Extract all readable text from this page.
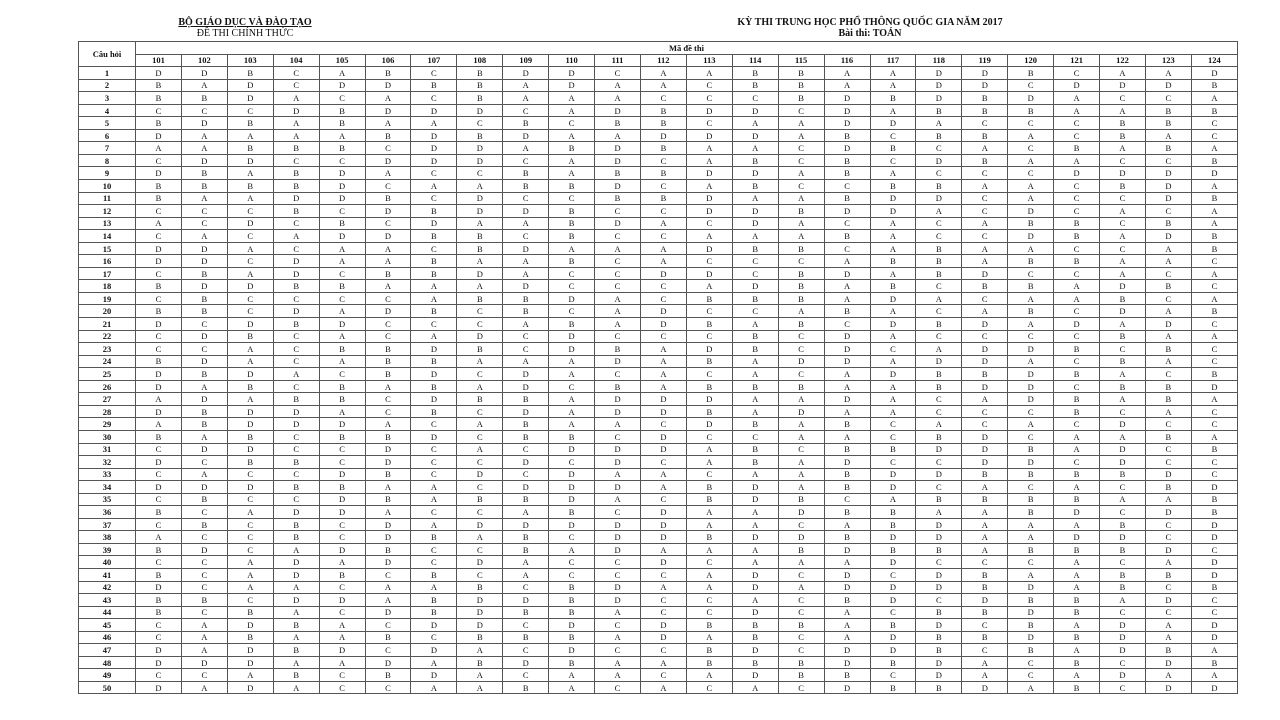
BỘ GIÁO DỤC VÀ ĐÀO TẠO
ĐỀ THI CHÍNH THỨC
KỲ THI TRUNG HỌC PHỔ THÔNG QUỐC GIA NĂM 2017
Bài thi: TOÁN
Câu hỏi	Mã đề thi																							
	101	102	103	104	105	106	107	108	109	110	111	112	113	114	115	116	117	118	119	120	121	122	123	124
1	D	D	B	C	A	B	C	B	D	D	C	A	A	B	B	A	A	D	D	B	C	A	A	D
2	B	A	D	C	D	D	B	B	A	D	A	A	C	B	B	A	A	D	D	C	D	D	D	B
3	B	B	D	A	C	A	C	B	A	A	A	C	C	C	B	D	B	D	B	D	A	C	C	A
4	C	C	C	D	B	D	D	D	C	A	D	B	D	D	C	D	A	B	B	B	A	A	B	B
5	B	D	B	A	B	A	A	C	B	C	B	B	C	A	A	D	D	A	C	C	C	B	B	C
6	D	A	A	A	A	B	D	B	D	A	A	D	D	D	A	B	C	B	B	A	C	B	A	C
7	A	A	B	B	B	C	D	D	A	B	D	B	A	A	C	D	B	C	A	C	B	A	B	A
8	C	D	D	C	C	D	D	D	C	A	D	C	A	B	C	B	C	D	B	A	A	C	C	B
9	D	B	A	B	D	A	C	C	B	A	B	B	D	D	A	B	A	C	C	C	D	D	D	D
10	B	B	B	B	D	C	A	A	B	B	D	C	A	B	C	C	B	B	A	A	C	B	D	A
11	B	A	A	D	D	B	C	D	C	C	B	B	D	A	A	B	D	D	C	A	C	C	D	B
12	C	C	C	B	C	D	B	D	D	B	C	C	D	D	B	D	D	A	C	D	C	A	C	A
13	A	C	D	C	B	C	D	A	A	B	D	A	C	D	A	C	A	C	A	B	B	C	B	A
14	C	A	C	A	D	D	B	B	C	B	C	C	A	A	A	B	A	C	C	D	B	A	D	B
15	D	D	A	C	A	A	C	B	D	A	A	A	D	B	B	C	A	B	A	A	C	C	A	B
16	D	D	C	D	A	A	B	A	A	B	C	A	C	C	C	A	B	B	A	B	B	A	A	C
17	C	B	A	D	C	B	B	D	A	C	C	D	D	C	B	D	A	B	D	C	C	A	C	A
18	B	D	D	B	B	A	A	A	D	C	C	C	A	D	B	A	B	C	B	B	A	D	B	C
19	C	B	C	C	C	C	A	B	B	D	A	C	B	B	B	A	D	A	C	A	A	B	C	A
20	B	B	C	D	A	D	B	C	B	C	A	D	C	C	A	B	A	C	A	B	C	D	A	B
21	D	C	D	B	D	C	C	C	A	B	A	D	B	A	B	C	D	B	D	A	D	A	D	C
22	C	D	B	C	A	C	A	D	C	D	C	C	C	B	C	D	A	C	C	C	C	B	A	A
23	C	C	A	C	B	B	D	B	C	D	B	A	D	B	C	D	C	A	D	D	B	C	B	C
24	B	D	A	C	A	B	B	A	A	A	D	A	B	A	D	D	A	D	D	A	C	B	A	C
25	D	B	D	A	C	B	D	C	D	A	C	A	C	A	C	A	D	B	B	D	B	A	C	B
26	D	A	B	C	B	A	B	A	D	C	B	A	B	B	B	A	A	B	D	D	C	B	B	D
27	A	D	A	B	B	C	D	B	B	A	D	D	D	A	A	D	A	C	A	D	B	A	B	A
28	D	B	D	D	A	C	B	C	D	A	D	D	B	A	D	A	A	C	C	C	B	C	A	C
29	A	B	D	D	D	A	C	A	B	A	A	C	D	B	A	B	C	A	C	A	C	D	C	C
30	B	A	B	C	B	B	D	C	B	B	C	D	C	C	A	A	C	B	D	C	A	A	B	A
31	C	D	D	C	C	D	C	A	C	D	D	D	A	B	C	B	B	D	D	B	A	D	C	B
32	D	C	B	B	C	D	C	C	D	C	D	C	A	B	A	D	C	C	D	D	C	D	C	C
33	C	A	C	C	D	B	C	D	C	D	A	A	C	A	A	B	D	D	B	B	B	B	D	C
34	D	D	D	B	B	A	A	C	D	D	D	A	B	D	A	B	D	C	A	C	A	C	B	D
35	C	B	C	C	D	B	A	B	B	D	A	C	B	D	B	C	A	B	B	B	B	A	A	B
36	B	C	A	D	D	A	C	C	A	B	C	D	A	A	D	B	B	A	A	B	D	C	D	B
37	C	B	C	B	C	D	A	D	D	D	D	D	A	A	C	A	B	D	A	A	A	B	C	D
38	A	C	C	B	C	D	B	A	B	C	D	D	B	D	D	B	D	D	A	A	D	D	C	D
39	B	D	C	A	D	B	C	C	B	A	D	A	A	A	B	D	B	B	A	B	B	B	D	C
40	C	C	A	D	A	D	C	D	A	C	C	D	C	A	A	A	D	C	C	C	A	C	A	D
41	B	C	A	D	B	C	B	C	A	C	C	C	A	D	C	D	C	D	B	A	A	B	B	D
42	D	C	A	A	C	A	A	B	C	B	D	A	A	D	A	D	D	D	B	D	A	B	C	B
43	B	B	C	D	D	A	B	D	D	B	D	C	C	A	C	B	D	C	D	B	B	A	D	C
44	B	C	B	A	C	D	B	D	B	B	A	C	C	D	C	A	C	B	B	D	B	C	C	C
45	C	A	D	B	A	C	D	D	C	D	C	D	B	B	B	A	B	D	C	B	A	D	A	D
46	C	A	B	A	A	B	C	B	B	B	A	D	A	B	C	A	D	B	B	D	B	D	A	D
47	D	A	D	B	D	C	D	A	C	D	C	C	B	D	C	D	D	B	C	B	A	D	B	A
48	D	D	D	A	A	D	A	B	D	B	A	A	B	B	B	D	B	D	A	C	B	C	D	B
49	C	C	A	B	C	B	D	A	C	A	A	C	A	D	B	B	C	D	A	C	A	D	A	A
50	D	A	D	A	C	C	A	A	B	A	C	A	C	A	C	D	B	B	D	A	B	C	D	D
